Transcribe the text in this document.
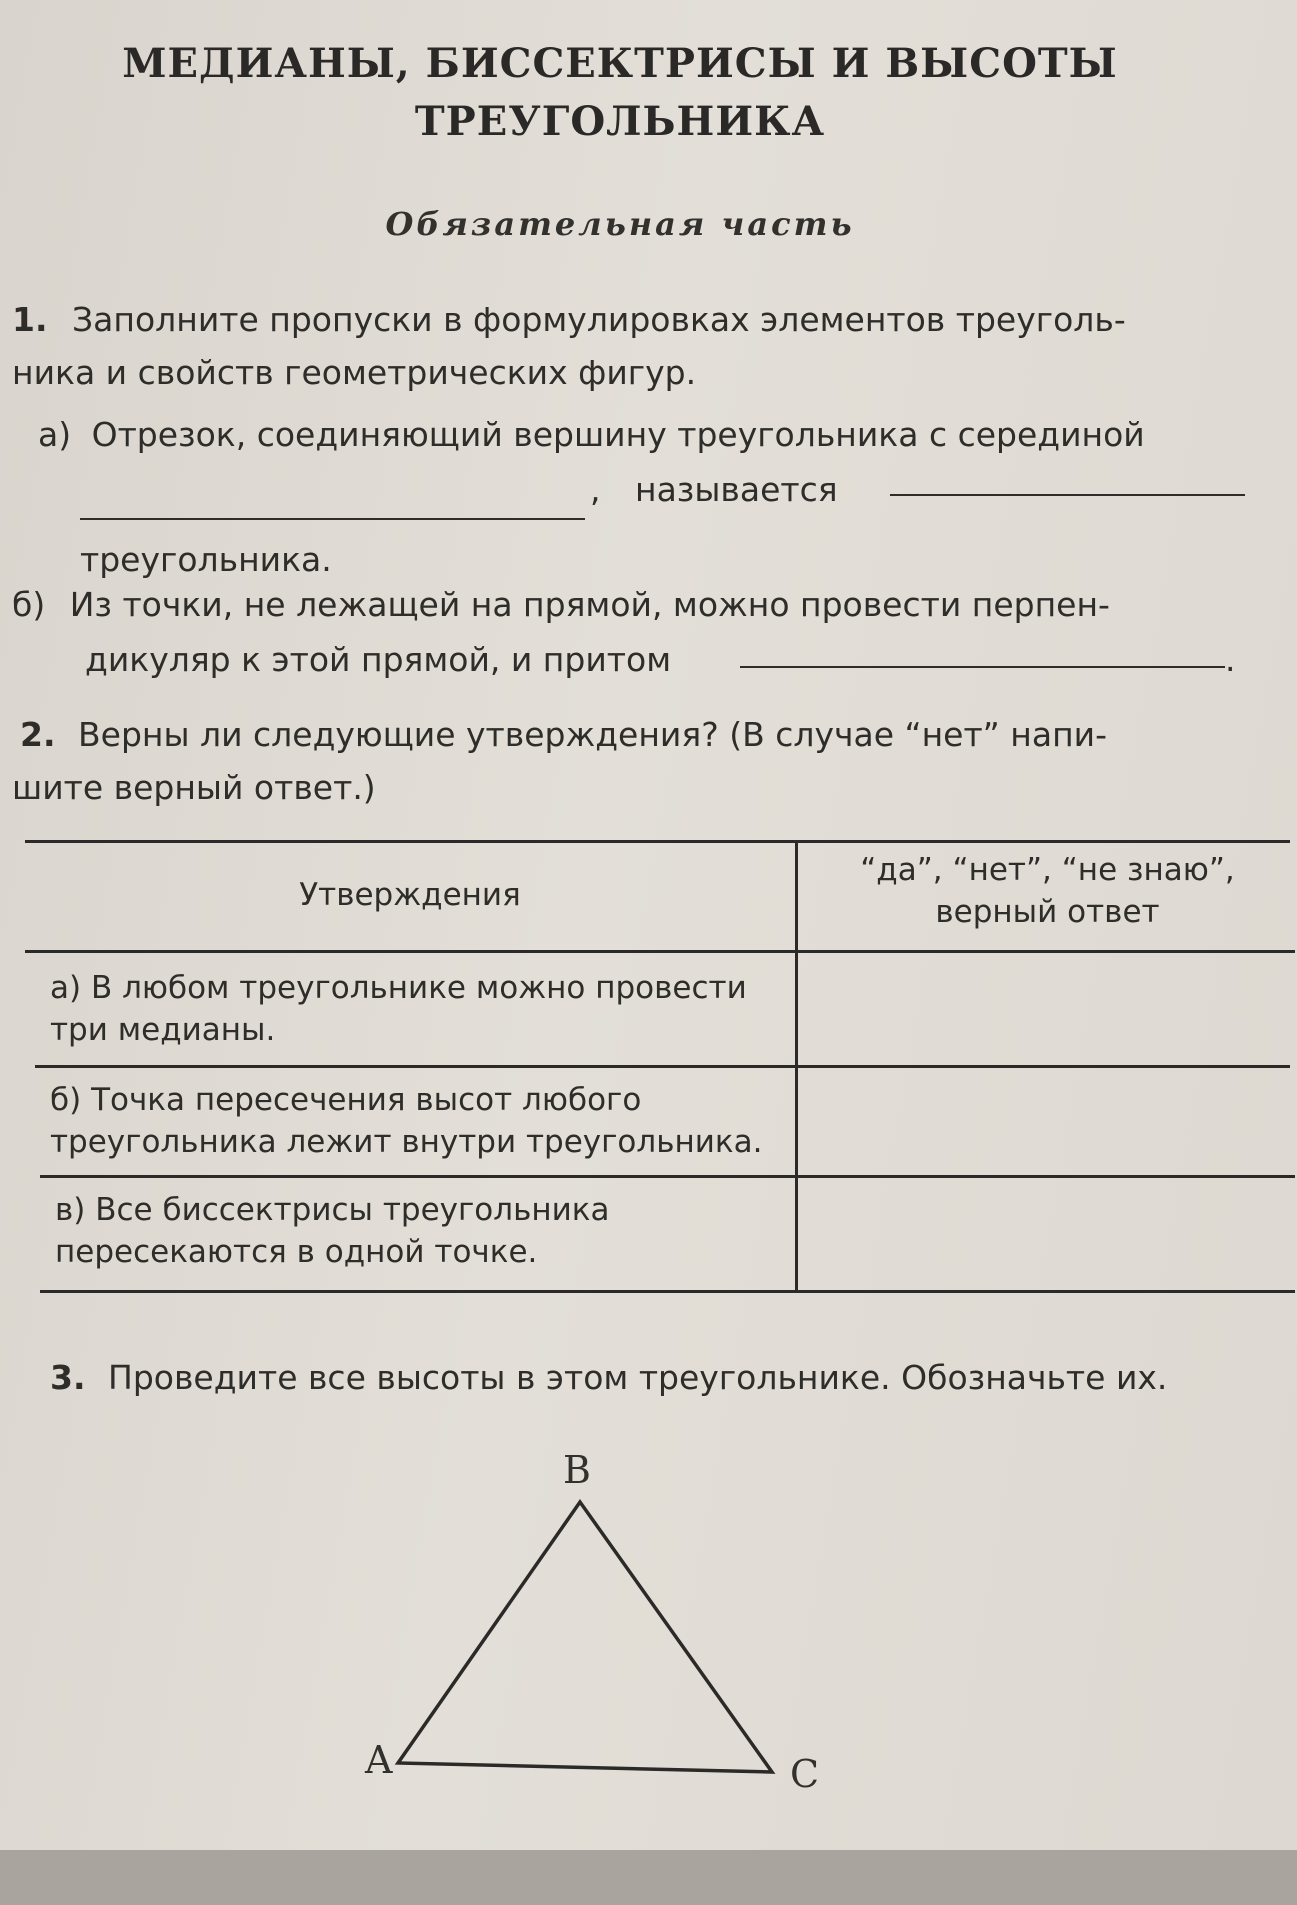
МЕДИАНЫ, БИССЕКТРИСЫ И ВЫСОТЫ
ТРЕУГОЛЬНИКА
Обязательная часть
1. Заполните пропуски в формулировках элементов треуголь-
ника и свойств геометрических фигур.
а) Отрезок, соединяющий вершину треугольника с серединой
, называется
треугольника.
б) Из точки, не лежащей на прямой, можно провести перпен-
дикуляр к этой прямой, и притом	.
2. Верны ли следующие утверждения? (В случае “нет” напи-
шите верный ответ.)
Утверждения
“да”, “нет”, “не знаю”,
верный ответ
а) В любом треугольнике можно провести
три медианы.
б) Точка пересечения высот любого
треугольника лежит внутри треугольника.
в) Все биссектрисы треугольника
пересекаются в одной точке.
3. Проведите все высоты в этом треугольнике. Обозначьте их.
B
A	C
